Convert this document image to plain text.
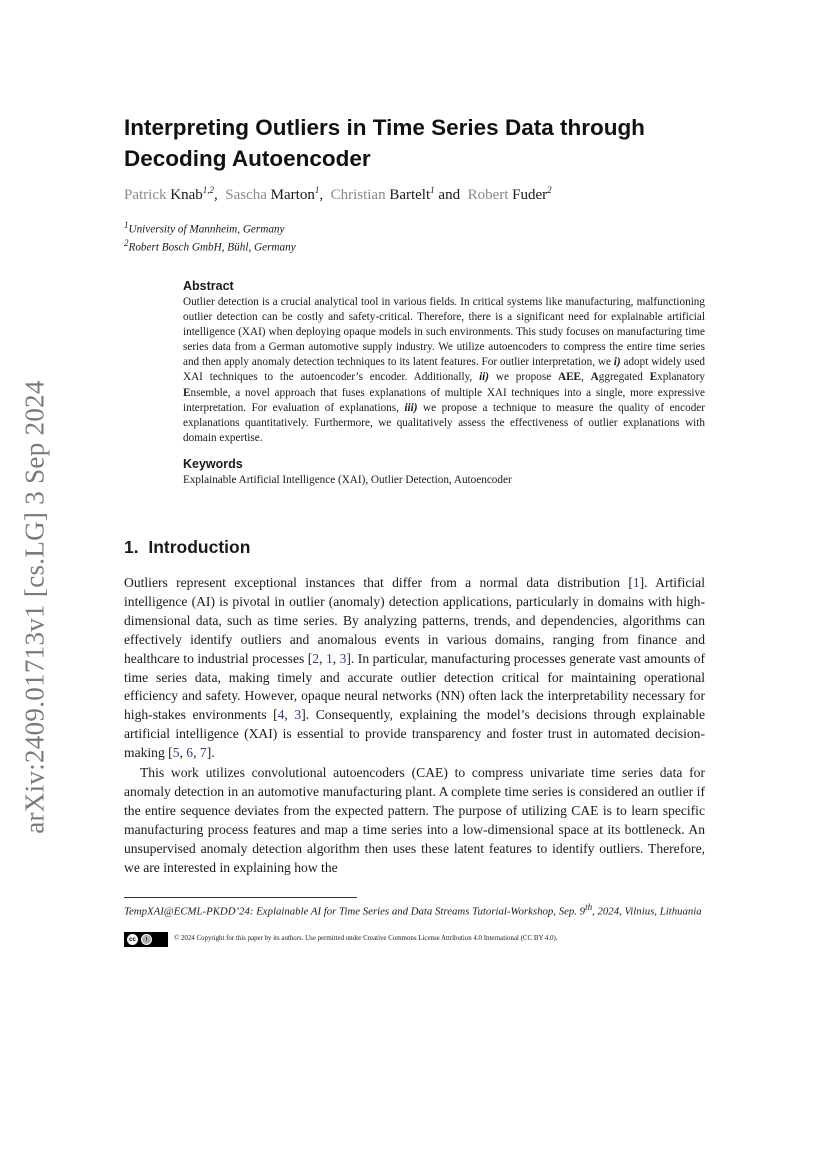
arXiv:2409.01713v1 [cs.LG] 3 Sep 2024
Interpreting Outliers in Time Series Data through Decoding Autoencoder
Patrick Knab$^{1,2}$,  Sascha Marton$^1$,  Christian Bartelt$^1$ and  Robert Fuder$^2$
$^1$University of Mannheim, Germany
$^2$Robert Bosch GmbH, Bühl, Germany
Abstract

Outlier detection is a crucial analytical tool in various fields. In critical systems like manufacturing, malfunctioning outlier detection can be costly and safety-critical. Therefore, there is a significant need for explainable artificial intelligence (XAI) when deploying opaque models in such environments. This study focuses on manufacturing time series data from a German automotive supply industry. We utilize autoencoders to compress the entire time series and then apply anomaly detection techniques to its latent features. For outlier interpretation, we i) adopt widely used XAI techniques to the autoencoder’s encoder. Additionally, ii) we propose AEE, Aggregated Explanatory Ensemble, a novel approach that fuses explanations of multiple XAI techniques into a single, more expressive interpretation. For evaluation of explanations, iii) we propose a technique to measure the quality of encoder explanations quantitatively. Furthermore, we qualitatively assess the effectiveness of outlier explanations with domain expertise.

Keywords

Explainable Artificial Intelligence (XAI), Outlier Detection, Autoencoder

1. Introduction

Outliers represent exceptional instances that differ from a normal data distribution [1]. Artificial intelligence (AI) is pivotal in outlier (anomaly) detection applications, particularly in domains with high-dimensional data, such as time series. By analyzing patterns, trends, and dependencies, algorithms can effectively identify outliers and anomalous events in various domains, ranging from finance and healthcare to industrial processes [2, 1, 3]. In particular, manufacturing processes generate vast amounts of time series data, making timely and accurate outlier detection critical for maintaining operational efficiency and safety. However, opaque neural networks (NN) often lack the interpretability necessary for high-stakes environments [4, 3]. Consequently, explaining the model’s decisions through explainable artificial intelligence (XAI) is essential to provide transparency and foster trust in automated decision-making [5, 6, 7].

This work utilizes convolutional autoencoders (CAE) to compress univariate time series data for anomaly detection in an automotive manufacturing plant. A complete time series is considered an outlier if the entire sequence deviates from the expected pattern. The purpose of utilizing CAE is to learn specific manufacturing process features and map a time series into a low-dimensional space at its bottleneck. An unsupervised anomaly detection algorithm then uses these latent features to identify outliers. Therefore, we are interested in explaining how the

TempXAI@ECML-PKDD’24: Explainable AI for Time Series and Data Streams Tutorial-Workshop, Sep. 9th, 2024, Vilnius, Lithuania

cc	i	© 2024 Copyright for this paper by its authors. Use permitted under Creative Commons License Attribution 4.0 International (CC BY 4.0).
